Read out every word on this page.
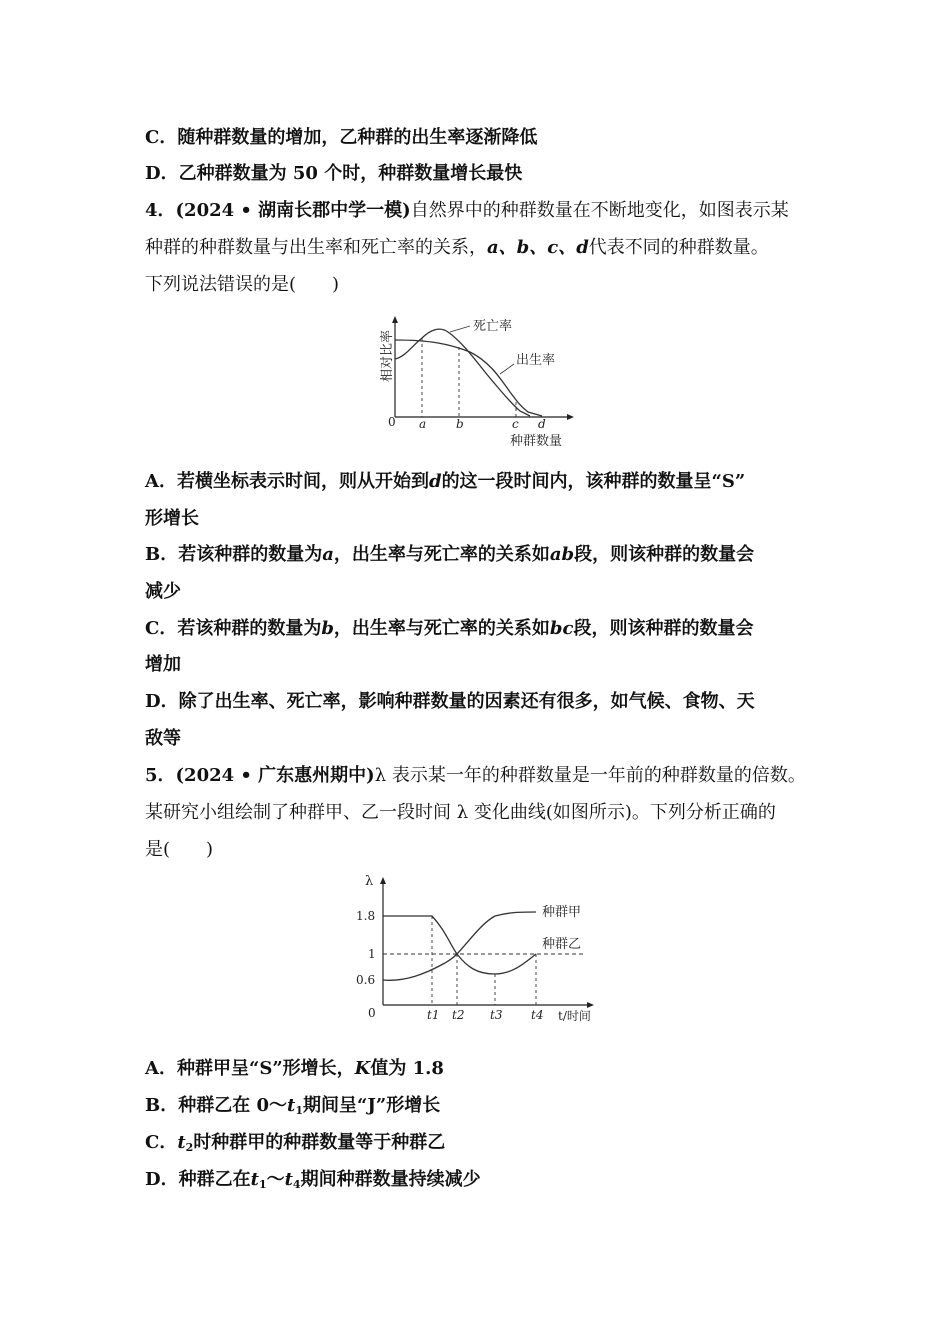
C．随种群数量的增加，乙种群的出生率逐渐降低
D．乙种群数量为 50 个时，种群数量增长最快
4．(2024 • 湖南长郡中学一模)自然界中的种群数量在不断地变化，如图表示某
种群的种群数量与出生率和死亡率的关系，a、b、c、d代表不同的种群数量。
下列说法错误的是(　　)
死亡率
出生率
0 a b	c d
种群数量
相对比率
A．若横坐标表示时间，则从开始到d的这一段时间内，该种群的数量呈“S”
形增长
B．若该种群的数量为a，出生率与死亡率的关系如ab段，则该种群的数量会
减少
C．若该种群的数量为b，出生率与死亡率的关系如bc段，则该种群的数量会
增加
D．除了出生率、死亡率，影响种群数量的因素还有很多，如气候、食物、天
敌等
5．(2024 • 广东惠州期中)λ 表示某一年的种群数量是一年前的种群数量的倍数。
某研究小组绘制了种群甲、乙一段时间 λ 变化曲线(如图所示)。下列分析正确的
是(　　)
λ
1.8
1
0.6
0	t1 t2 t3 t4 t/时间
种群甲
种群乙
A．种群甲呈“S”形增长，K值为 1.8
B．种群乙在 $0\sim t_1$期间呈“J”形增长
C．$t_2$时种群甲的种群数量等于种群乙
D．种群乙在$t_1\sim t_4$期间种群数量持续减少
